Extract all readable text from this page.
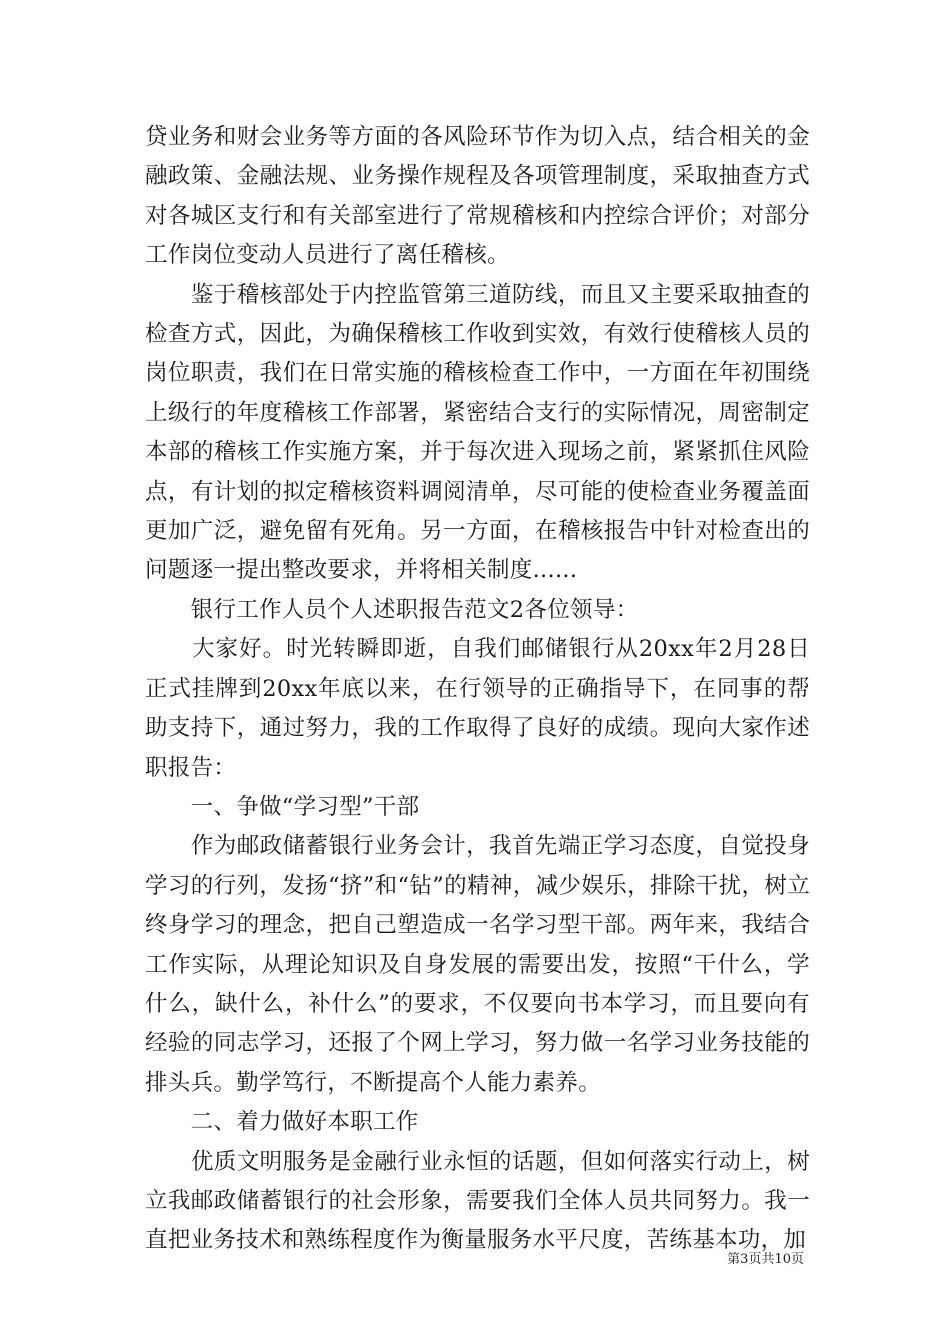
贷业务和财会业务等方面的各风险环节作为切入点，结合相关的金融政策、金融法规、业务操作规程及各项管理制度，采取抽查方式对各城区支行和有关部室进行了常规稽核和内控综合评价；对部分工作岗位变动人员进行了离任稽核。

　　鉴于稽核部处于内控监管第三道防线，而且又主要采取抽查的检查方式，因此，为确保稽核工作收到实效，有效行使稽核人员的岗位职责，我们在日常实施的稽核检查工作中，一方面在年初围绕上级行的年度稽核工作部署，紧密结合支行的实际情况，周密制定本部的稽核工作实施方案，并于每次进入现场之前，紧紧抓住风险点，有计划的拟定稽核资料调阅清单，尽可能的使检查业务覆盖面更加广泛，避免留有死角。另一方面，在稽核报告中针对检查出的问题逐一提出整改要求，并将相关制度......

　　银行工作人员个人述职报告范文2各位领导：

　　大家好。时光转瞬即逝，自我们邮储银行从20xx年2月28日正式挂牌到20xx年底以来，在行领导的正确指导下，在同事的帮助支持下，通过努力，我的工作取得了良好的成绩。现向大家作述职报告：

　　一、争做“学习型”干部

　　作为邮政储蓄银行业务会计，我首先端正学习态度，自觉投身学习的行列，发扬“挤”和“钻”的精神，减少娱乐，排除干扰，树立终身学习的理念，把自己塑造成一名学习型干部。两年来，我结合工作实际，从理论知识及自身发展的需要出发，按照“干什么，学什么，缺什么，补什么”的要求，不仅要向书本学习，而且要向有经验的同志学习，还报了个网上学习，努力做一名学习业务技能的排头兵。勤学笃行，不断提高个人能力素养。

　　二、着力做好本职工作

　　优质文明服务是金融行业永恒的话题，但如何落实行动上，树立我邮政储蓄银行的社会形象，需要我们全体人员共同努力。我一直把业务技术和熟练程度作为衡量服务水平尺度，苦练基本功，加

第3页共10页
